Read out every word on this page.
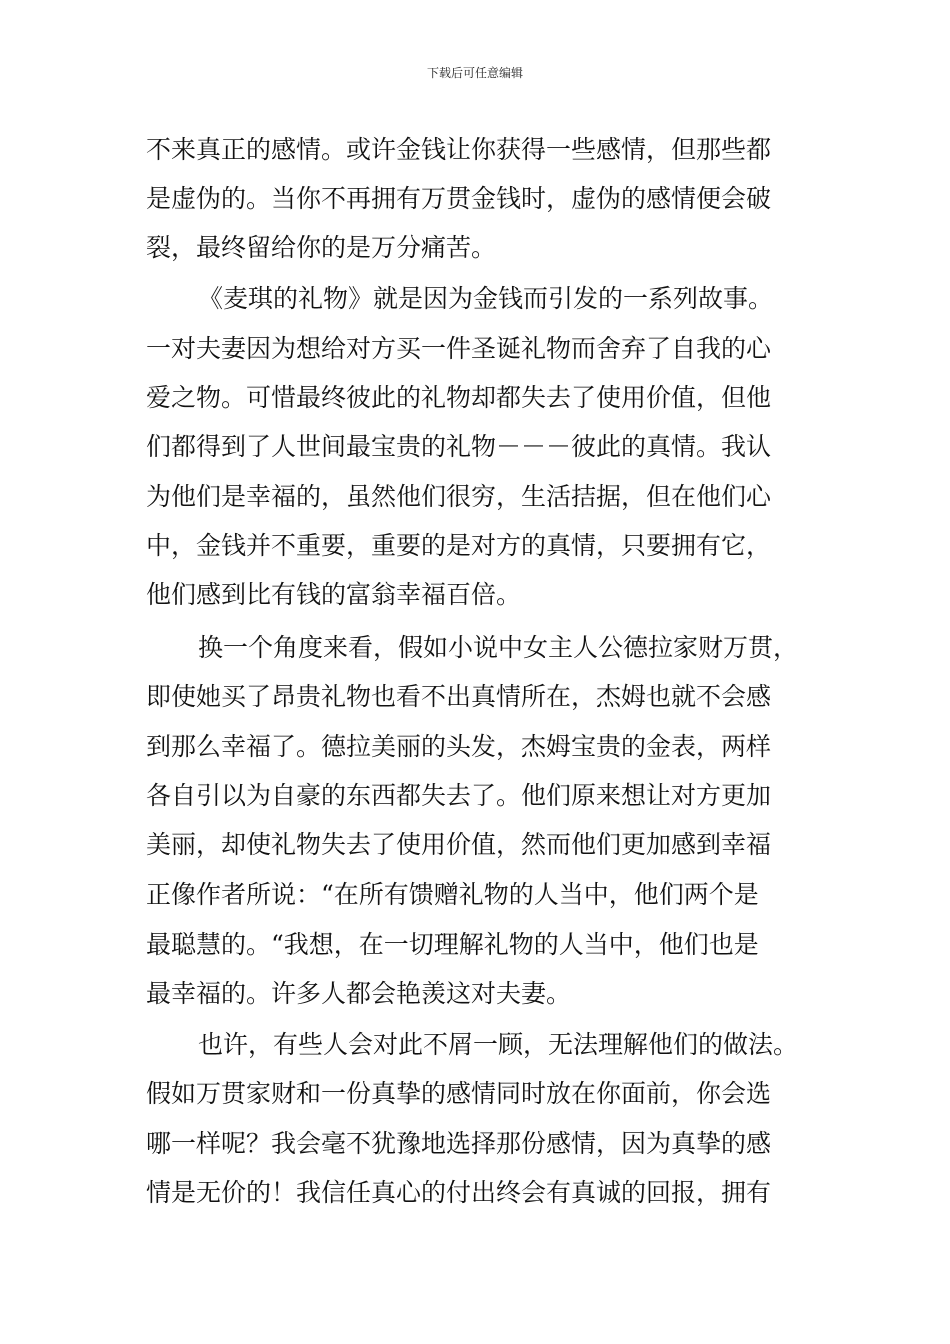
下载后可任意编辑
不来真正的感情。或许金钱让你获得一些感情，但那些都
是虚伪的。当你不再拥有万贯金钱时，虚伪的感情便会破
裂，最终留给你的是万分痛苦。
《麦琪的礼物》就是因为金钱而引发的一系列故事。
一对夫妻因为想给对方买一件圣诞礼物而舍弃了自我的心
爱之物。可惜最终彼此的礼物却都失去了使用价值，但他
们都得到了人世间最宝贵的礼物－－－彼此的真情。我认
为他们是幸福的，虽然他们很穷，生活拮据，但在他们心
中，金钱并不重要，重要的是对方的真情，只要拥有它，
他们感到比有钱的富翁幸福百倍。
换一个角度来看，假如小说中女主人公德拉家财万贯，
即使她买了昂贵礼物也看不出真情所在，杰姆也就不会感
到那么幸福了。德拉美丽的头发，杰姆宝贵的金表，两样
各自引以为自豪的东西都失去了。他们原来想让对方更加
美丽，却使礼物失去了使用价值，然而他们更加感到幸福
正像作者所说：“在所有馈赠礼物的人当中，他们两个是
最聪慧的。“我想，在一切理解礼物的人当中，他们也是
最幸福的。许多人都会艳羡这对夫妻。
也许，有些人会对此不屑一顾，无法理解他们的做法。
假如万贯家财和一份真挚的感情同时放在你面前，你会选
哪一样呢？我会毫不犹豫地选择那份感情，因为真挚的感
情是无价的！我信任真心的付出终会有真诚的回报，拥有
